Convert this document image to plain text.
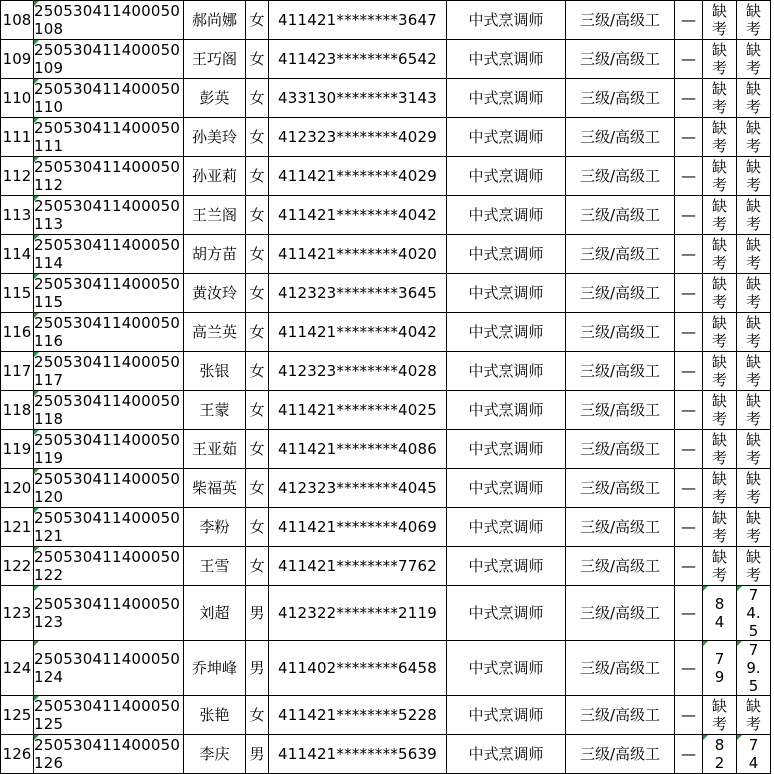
108	250530411400050108	郝尚娜	女	411421********3647	中式烹调师	三级/高级工	—	缺考	缺考

109	250530411400050109	王巧阁	女	411423********6542	中式烹调师	三级/高级工	—	缺考	缺考

110	250530411400050110	彭英	女	433130********3143	中式烹调师	三级/高级工	—	缺考	缺考

111	250530411400050111	孙美玲	女	412323********4029	中式烹调师	三级/高级工	—	缺考	缺考

112	250530411400050112	孙亚莉	女	411421********4029	中式烹调师	三级/高级工	—	缺考	缺考

113	250530411400050113	王兰阁	女	411421********4042	中式烹调师	三级/高级工	—	缺考	缺考

114	250530411400050114	胡方苗	女	411421********4020	中式烹调师	三级/高级工	—	缺考	缺考

115	250530411400050115	黄汝玲	女	412323********3645	中式烹调师	三级/高级工	—	缺考	缺考

116	250530411400050116	高兰英	女	411421********4042	中式烹调师	三级/高级工	—	缺考	缺考

117	250530411400050117	张银	女	412323********4028	中式烹调师	三级/高级工	—	缺考	缺考

118	250530411400050118	王蒙	女	411421********4025	中式烹调师	三级/高级工	—	缺考	缺考

119	250530411400050119	王亚茹	女	411421********4086	中式烹调师	三级/高级工	—	缺考	缺考

120	250530411400050120	柴福英	女	412323********4045	中式烹调师	三级/高级工	—	缺考	缺考

121	250530411400050121	李粉	女	411421********4069	中式烹调师	三级/高级工	—	缺考	缺考

122	250530411400050122	王雪	女	411421********7762	中式烹调师	三级/高级工	—	缺考	缺考

123	250530411400050123	刘超	男	412322********2119	中式烹调师	三级/高级工	—	84	74.5

124	250530411400050124	乔坤峰	男	411402********6458	中式烹调师	三级/高级工	—	79	79.5

125	250530411400050125	张艳	女	411421********5228	中式烹调师	三级/高级工	—	缺考	缺考

126	250530411400050126	李庆	男	411421********5639	中式烹调师	三级/高级工	—	82	74
